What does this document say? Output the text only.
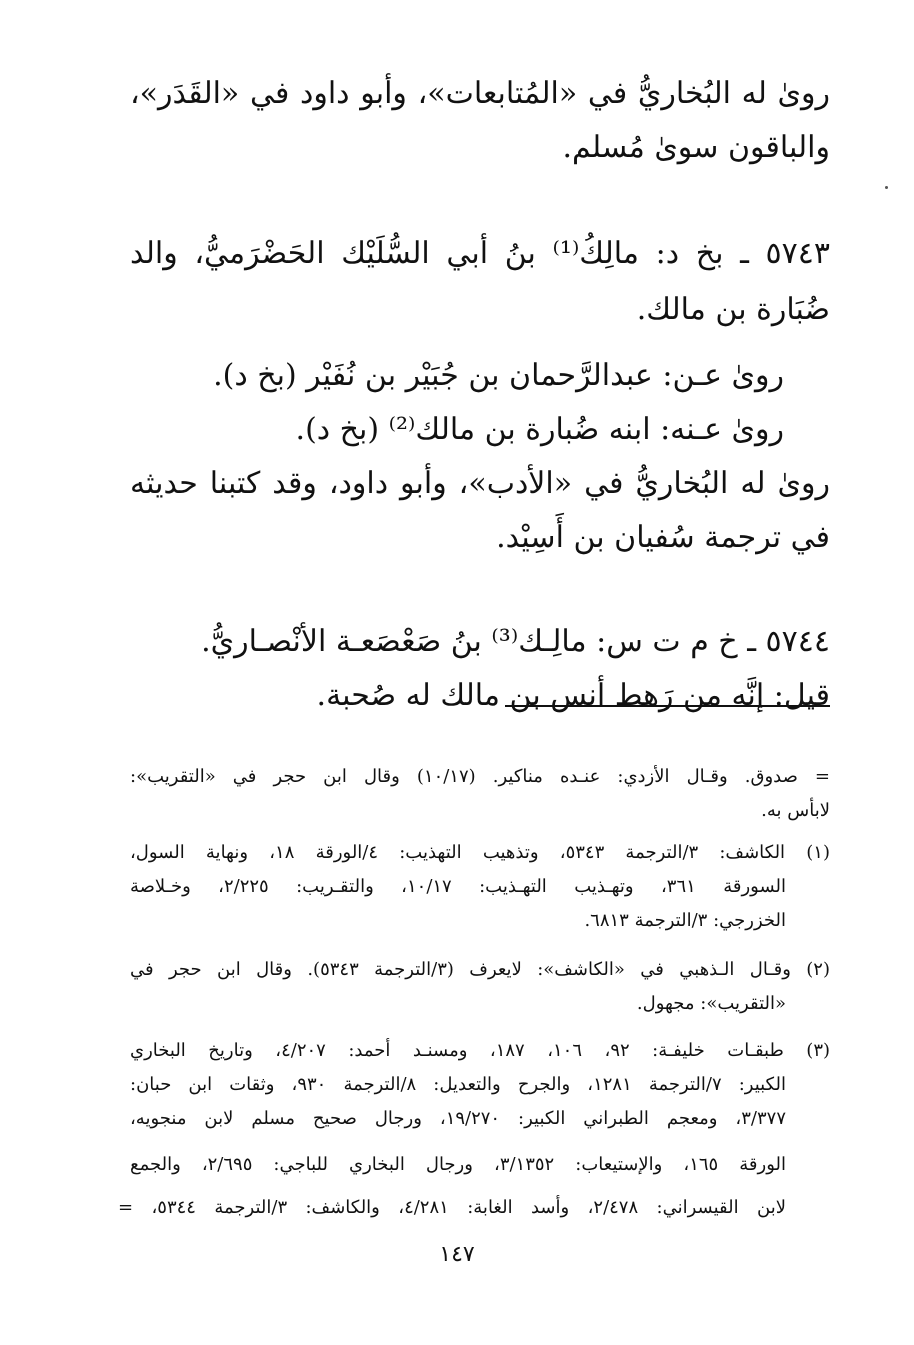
روىٰ له البُخاريُّ في «المُتابعات»، وأبو داود في «القَدَر»،
والباقون سوىٰ مُسلم.
٥٧٤٣ ـ بخ د: مالِكُ⁽¹⁾ بنُ أبي السُّلَيْك الحَضْرَميُّ، والد
ضُبَارة بن مالك.
روىٰ عـن: عبدالرَّحمان بن جُبَيْر بن نُفَيْر (بخ د).
روىٰ عـنه: ابنه ضُبارة بن مالك⁽²⁾ (بخ د).
روىٰ له البُخاريُّ في «الأدب»، وأبو داود، وقد كتبنا حديثه
في ترجمة سُفيان بن أَسِيْد.
٥٧٤٤ ـ خ م ت س: مالِـك⁽³⁾ بنُ صَعْصَعـة الأنْصـاريُّ.
قيل: إنَّه من رَهط أنس بن مالك له صُحبة.
= صدوق. وقـال الأزدي: عنـده مناكير. (١٠/١٧) وقال ابن حجر في «التقريب»:
لابأس به.
(١) الكاشف: ٣/الترجمة ٥٣٤٣، وتذهيب التهذيب: ٤/الورقة ١٨، ونهاية السول،
السورقة ٣٦١، وتهـذيب التهـذيب: ١٠/١٧، والتقـريب: ٢/٢٢٥، وخـلاصة
الخزرجي: ٣/الترجمة ٦٨١٣.
(٢) وقـال الـذهبي في «الكاشف»: لايعرف (٣/الترجمة ٥٣٤٣). وقال ابن حجر في
«التقريب»: مجهول.
(٣) طبقـات خليفـة: ٩٢، ١٠٦، ١٨٧، ومسنـد أحمد: ٤/٢٠٧، وتاريخ البخاري
الكبير: ٧/الترجمة ١٢٨١، والجرح والتعديل: ٨/الترجمة ٩٣٠، وثقات ابن حبان:
٣/٣٧٧، ومعجم الطبراني الكبير: ١٩/٢٧٠، ورجال صحيح مسلم لابن منجويه،
الورقة ١٦٥، والإستيعاب: ٣/١٣٥٢، ورجال البخاري للباجي: ٢/٦٩٥، والجمع
لابن القيسراني: ٢/٤٧٨، وأسد الغابة: ٤/٢٨١، والكاشف: ٣/الترجمة ٥٣٤٤، =
١٤٧
